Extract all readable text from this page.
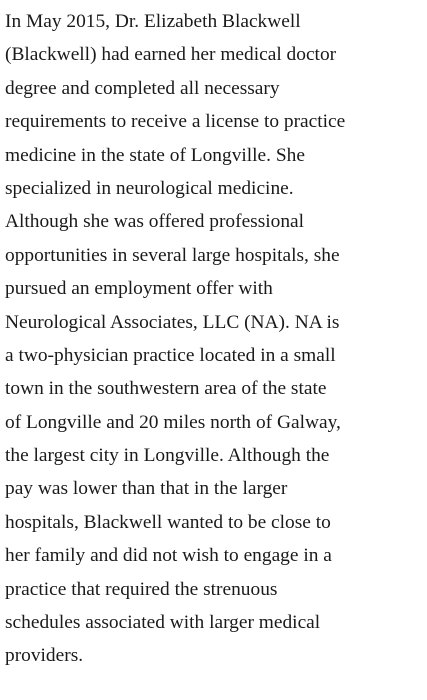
In May 2015, Dr. Elizabeth Blackwell
(Blackwell) had earned her medical doctor
degree and completed all necessary
requirements to receive a license to practice
medicine in the state of Longville. She
specialized in neurological medicine.
Although she was offered professional
opportunities in several large hospitals, she
pursued an employment offer with
Neurological Associates, LLC (NA). NA is
a two-physician practice located in a small
town in the southwestern area of the state
of Longville and 20 miles north of Galway,
the largest city in Longville. Although the
pay was lower than that in the larger
hospitals, Blackwell wanted to be close to
her family and did not wish to engage in a
practice that required the strenuous
schedules associated with larger medical
providers.
